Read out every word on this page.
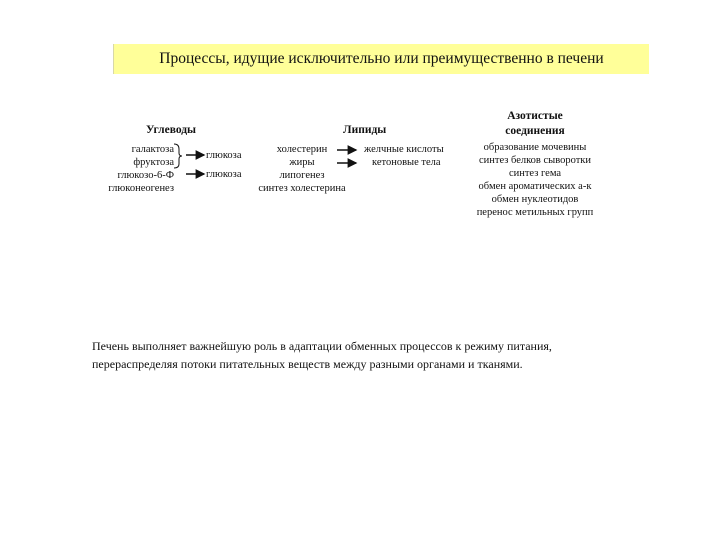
Процессы, идущие исключительно или преимущественно в печени
Углеводы
галактоза
фруктоза
глюкозо-6-Ф
глюконеогенез
глюкоза
глюкоза
Липиды
холестерин
жиры
липогенез
синтез холестерина
желчные кислоты
кетоновые тела
Азотистые
соединения
образование мочевины
синтез белков сыворотки
синтез гема
обмен ароматических a-к
обмен нуклеотидов
перенос метильных групп
Печень выполняет важнейшую роль в адаптации обменных процессов к режиму питания,
перераспределяя потоки питательных веществ между разными органами и тканями.
